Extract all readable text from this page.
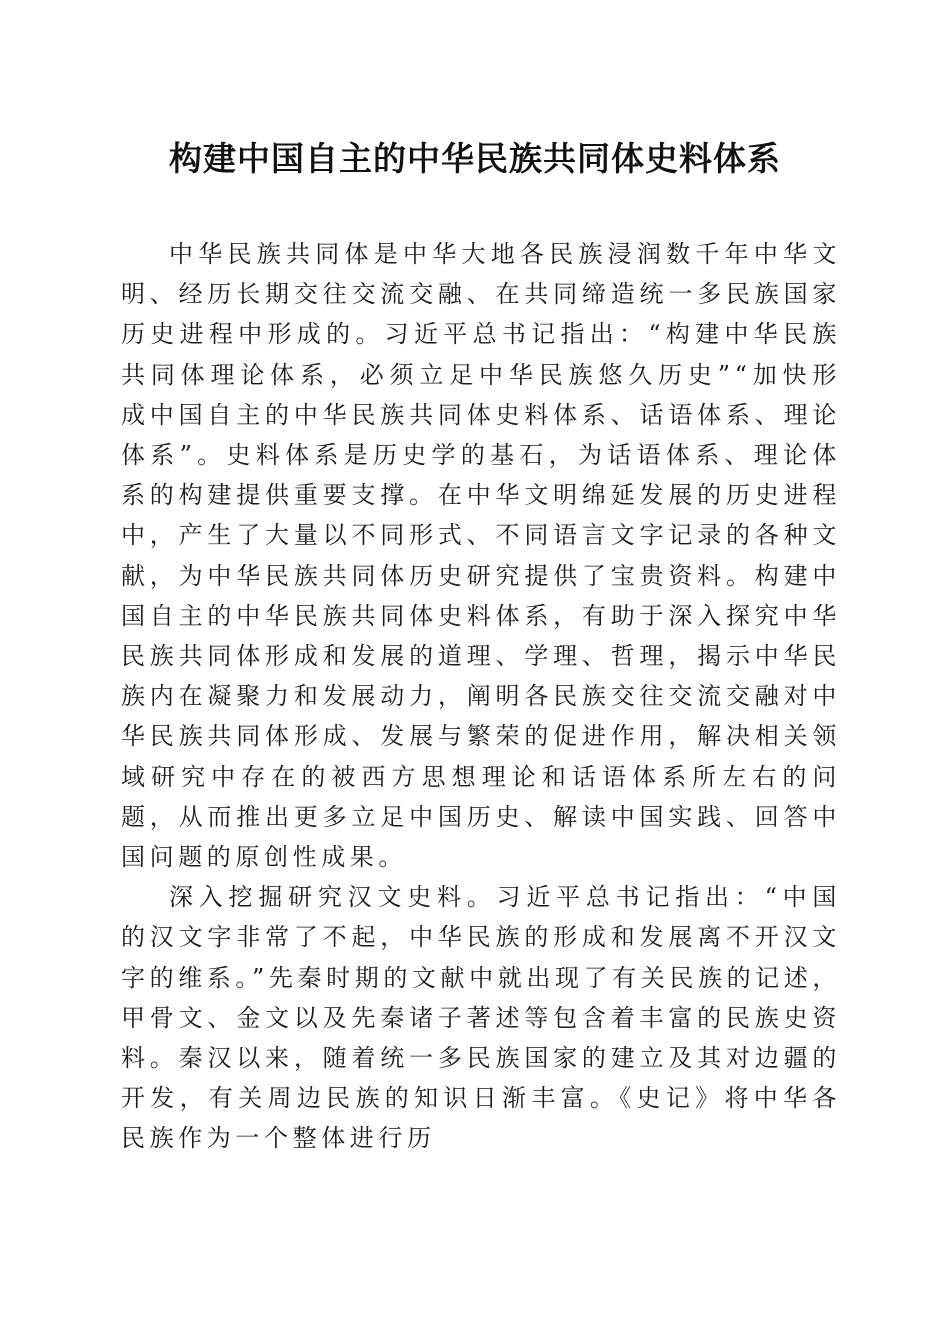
构建中国自主的中华民族共同体史料体系

中华民族共同体是中华大地各民族浸润数千年中华文明、经历长期交往交流交融、在共同缔造统一多民族国家历史进程中形成的。习近平总书记指出：“构建中华民族共同体理论体系，必须立足中华民族悠久历史”“加快形成中国自主的中华民族共同体史料体系、话语体系、理论体系”。史料体系是历史学的基石，为话语体系、理论体系的构建提供重要支撑。在中华文明绵延发展的历史进程中，产生了大量以不同形式、不同语言文字记录的各种文献，为中华民族共同体历史研究提供了宝贵资料。构建中国自主的中华民族共同体史料体系，有助于深入探究中华民族共同体形成和发展的道理、学理、哲理，揭示中华民族内在凝聚力和发展动力，阐明各民族交往交流交融对中华民族共同体形成、发展与繁荣的促进作用，解决相关领域研究中存在的被西方思想理论和话语体系所左右的问题，从而推出更多立足中国历史、解读中国实践、回答中国问题的原创性成果。

深入挖掘研究汉文史料。习近平总书记指出：“中国的汉文字非常了不起，中华民族的形成和发展离不开汉文字的维系。”先秦时期的文献中就出现了有关民族的记述，甲骨文、金文以及先秦诸子著述等包含着丰富的民族史资料。秦汉以来，随着统一多民族国家的建立及其对边疆的开发，有关周边民族的知识日渐丰富。《史记》将中华各民族作为一个整体进行历
